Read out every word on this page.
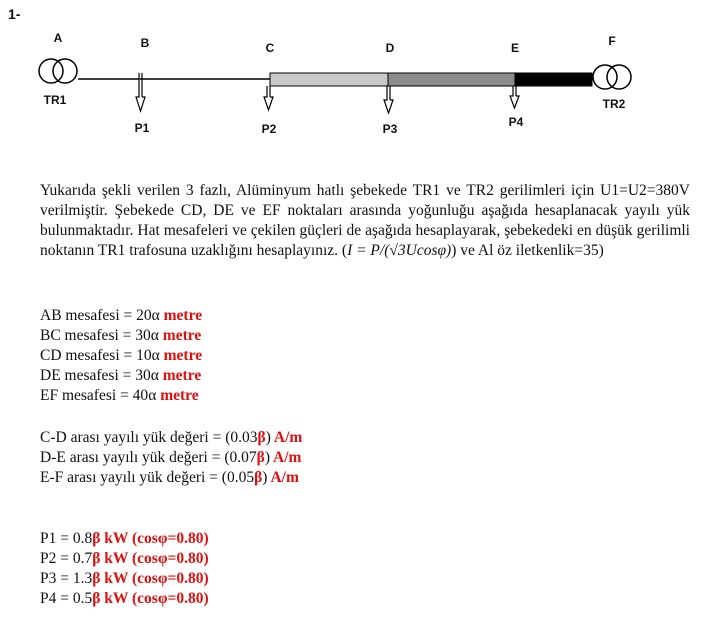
1-
A	B	C	D	E	F
TR1	TR2
P1	P2	P3	P4
Yukarıda şekli verilen 3 fazlı, Alüminyum hatlı şebekede TR1 ve TR2 gerilimleri için U1=U2=380V verilmiştir. Şebekede CD, DE ve EF noktaları arasında yoğunluğu aşağıda hesaplanacak yayılı yük bulunmaktadır. Hat mesafeleri ve çekilen güçleri de aşağıda hesaplayarak, şebekedeki en düşük gerilimli noktanın TR1 trafosuna uzaklığını hesaplayınız. (I = P/(√3Ucosφ)) ve Al öz iletkenlik=35)
AB mesafesi = 20α metre
BC mesafesi = 30α metre
CD mesafesi = 10α metre
DE mesafesi = 30α metre
EF mesafesi = 40α metre
C-D arası yayılı yük değeri = (0.03β) A/m
D-E arası yayılı yük değeri = (0.07β) A/m
E-F arası yayılı yük değeri = (0.05β) A/m
P1 = 0.8β kW (cosφ=0.80)
P2 = 0.7β kW (cosφ=0.80)
P3 = 1.3β kW (cosφ=0.80)
P4 = 0.5β kW (cosφ=0.80)
